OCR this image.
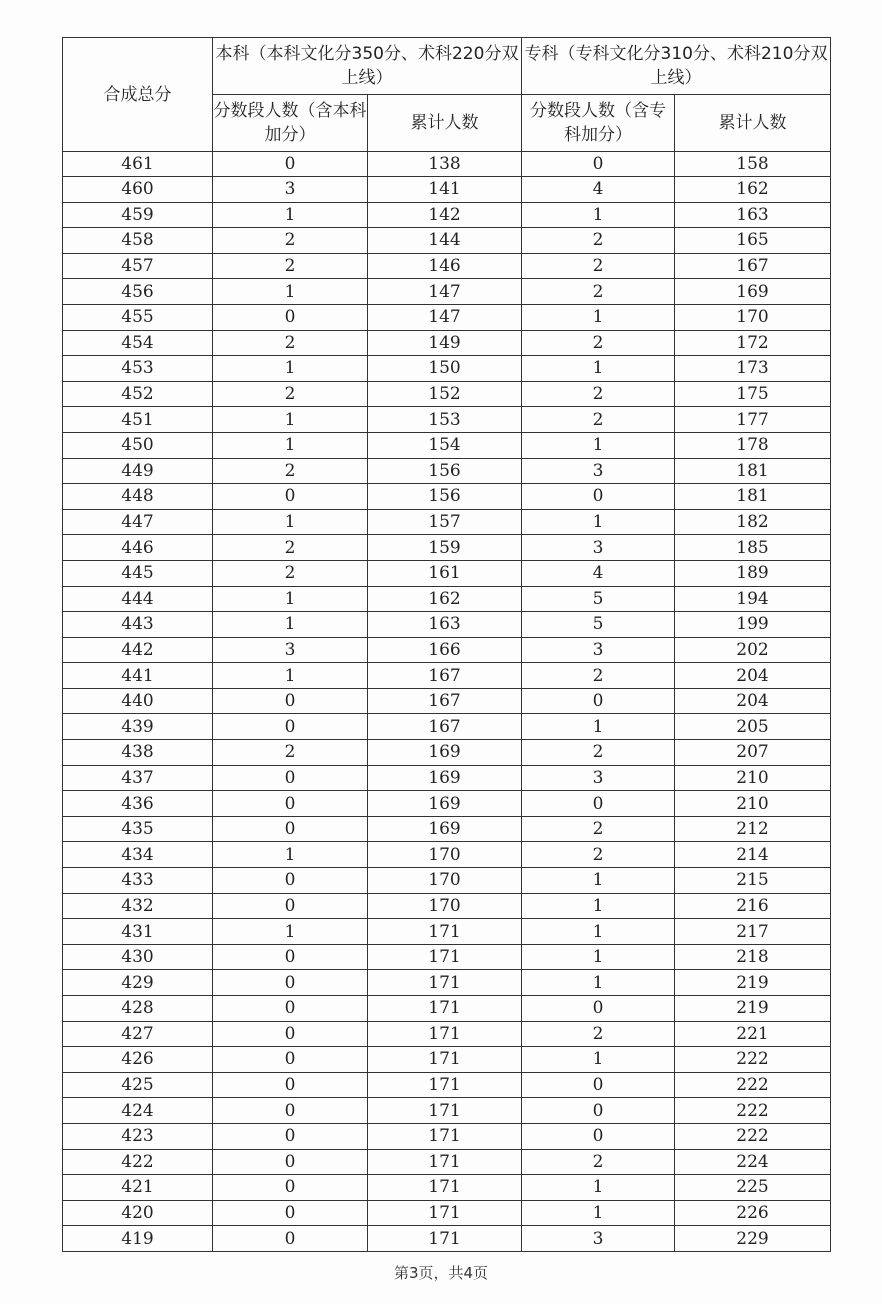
合成总分	本科（本科文化分350分、术科220分双上线）		专科（专科文化分310分、术科210分双上线）	
	分数段人数（含本科加分）	累计人数	分数段人数（含专科加分）	累计人数
461	0	138	0	158
460	3	141	4	162
459	1	142	1	163
458	2	144	2	165
457	2	146	2	167
456	1	147	2	169
455	0	147	1	170
454	2	149	2	172
453	1	150	1	173
452	2	152	2	175
451	1	153	2	177
450	1	154	1	178
449	2	156	3	181
448	0	156	0	181
447	1	157	1	182
446	2	159	3	185
445	2	161	4	189
444	1	162	5	194
443	1	163	5	199
442	3	166	3	202
441	1	167	2	204
440	0	167	0	204
439	0	167	1	205
438	2	169	2	207
437	0	169	3	210
436	0	169	0	210
435	0	169	2	212
434	1	170	2	214
433	0	170	1	215
432	0	170	1	216
431	1	171	1	217
430	0	171	1	218
429	0	171	1	219
428	0	171	0	219
427	0	171	2	221
426	0	171	1	222
425	0	171	0	222
424	0	171	0	222
423	0	171	0	222
422	0	171	2	224
421	0	171	1	225
420	0	171	1	226
419	0	171	3	229
第3页，共4页
